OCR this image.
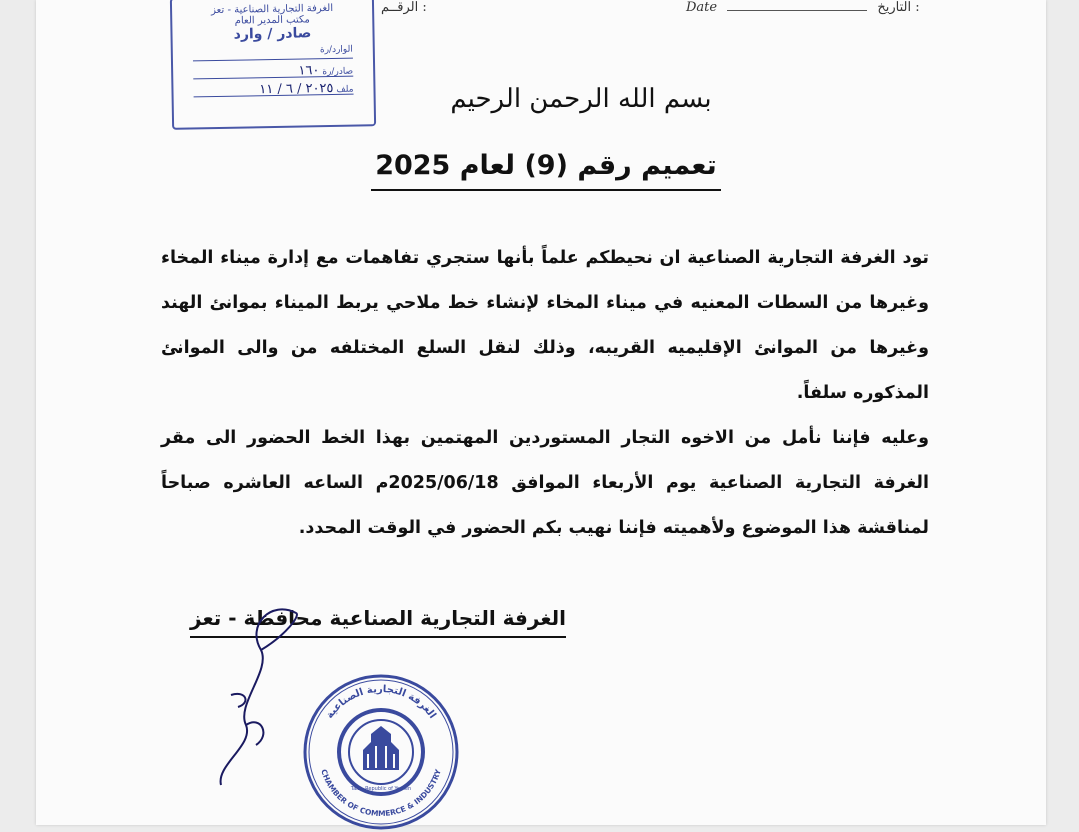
Date	التاريخ :
الرقــم :
الغرفة التجارية الصناعية - تعز
مكتب المدير العام
صادر / وارد
الوارد/رة
صادر/رة ١٦٠
ملف ٢٠٢٥ / ٦ / ١١	بسم الله الرحمن الرحيم
تعميم رقم (9) لعام 2025

تود الغرفة التجارية الصناعية ان نحيطكم علماً بأنها ستجري تفاهمات مع إدارة ميناء المخاء وغيرها من السطات المعنيه في ميناء المخاء لإنشاء خط ملاحي يربط الميناء بموانئ الهند وغيرها من الموانئ الإقليميه القريبه، وذلك لنقل السلع المختلفه من والى الموانئ المذكوره سلفاً.

وعليه فإننا نأمل من الاخوه التجار المستوردين المهتمين بهذا الخط الحضور الى مقر الغرفة التجارية الصناعية يوم الأربعاء الموافق 2025/06/18م الساعه العاشره صباحاً لمناقشة هذا الموضوع ولأهميته فإننا نهيب بكم الحضور في الوقت المحدد.

الغرفة التجارية الصناعية محافظة - تعز
الغرفة التجارية الصناعية
CHAMBER OF COMMERCE & INDUSTRY
Taiz - Republic of Yemen
